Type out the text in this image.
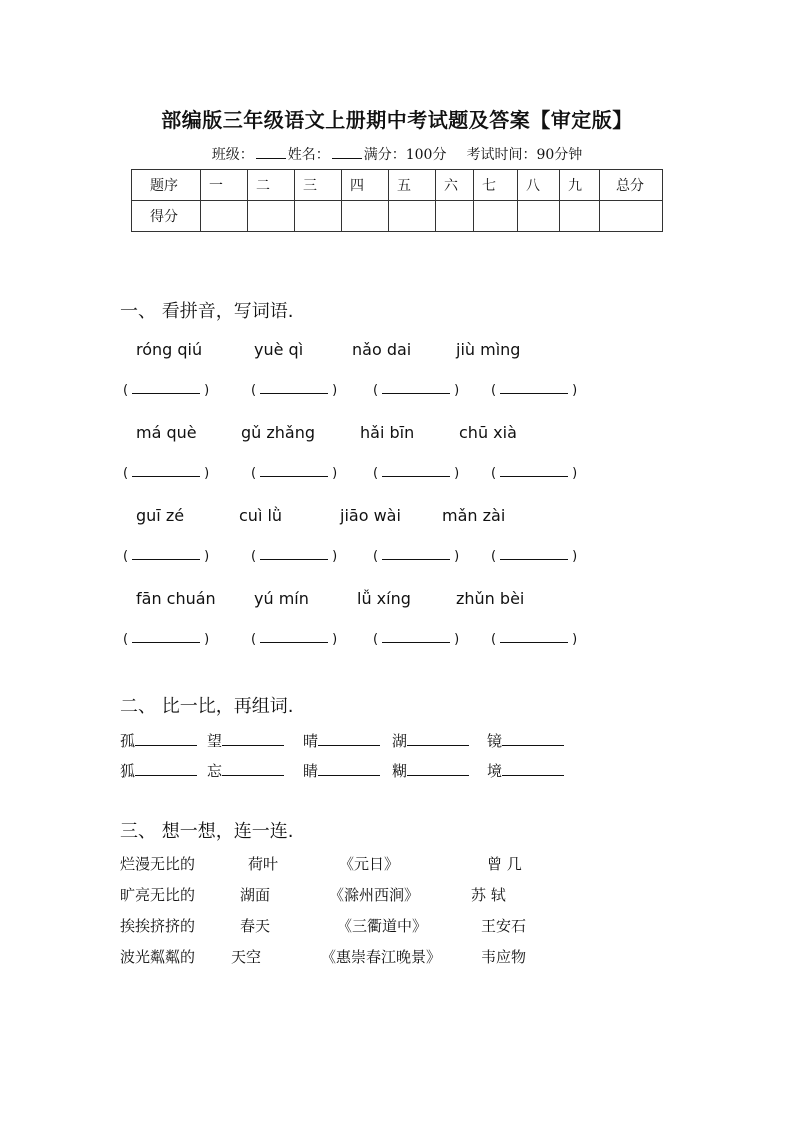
部编版三年级语文上册期中考试题及答案【审定版】
班级： 姓名： 满分：100分 考试时间：90分钟
题序	一	二	三	四	五	六	七	八	九	总分
得分										
一、 看拼音，写词语.
róng qiú	yuè qì	nǎo dai	jiù mìng
(	)	(	)	(	) (	)
má què	gǔ zhǎng	hǎi bīn	chū xià
(	)	(	)	(	) (	)
guī zé	cuì lǜ	jiāo wài	mǎn zài
(	)	(	)	(	) (	)
fān chuán yú mín	lǚ xíng	zhǔn bèi
(	)	(	)	(	) (	)
二、 比一比，再组词.
孤	望	晴	湖	镜
狐	忘	睛	糊	境
三、 想一想，连一连.
烂漫无比的	荷叶	《元日》	曾 几
旷亮无比的	湖面	《滁州西涧》	苏 轼
挨挨挤挤的	春天	《三衢道中》	王安石
波光粼粼的 天空	《惠崇春江晚景》	韦应物
